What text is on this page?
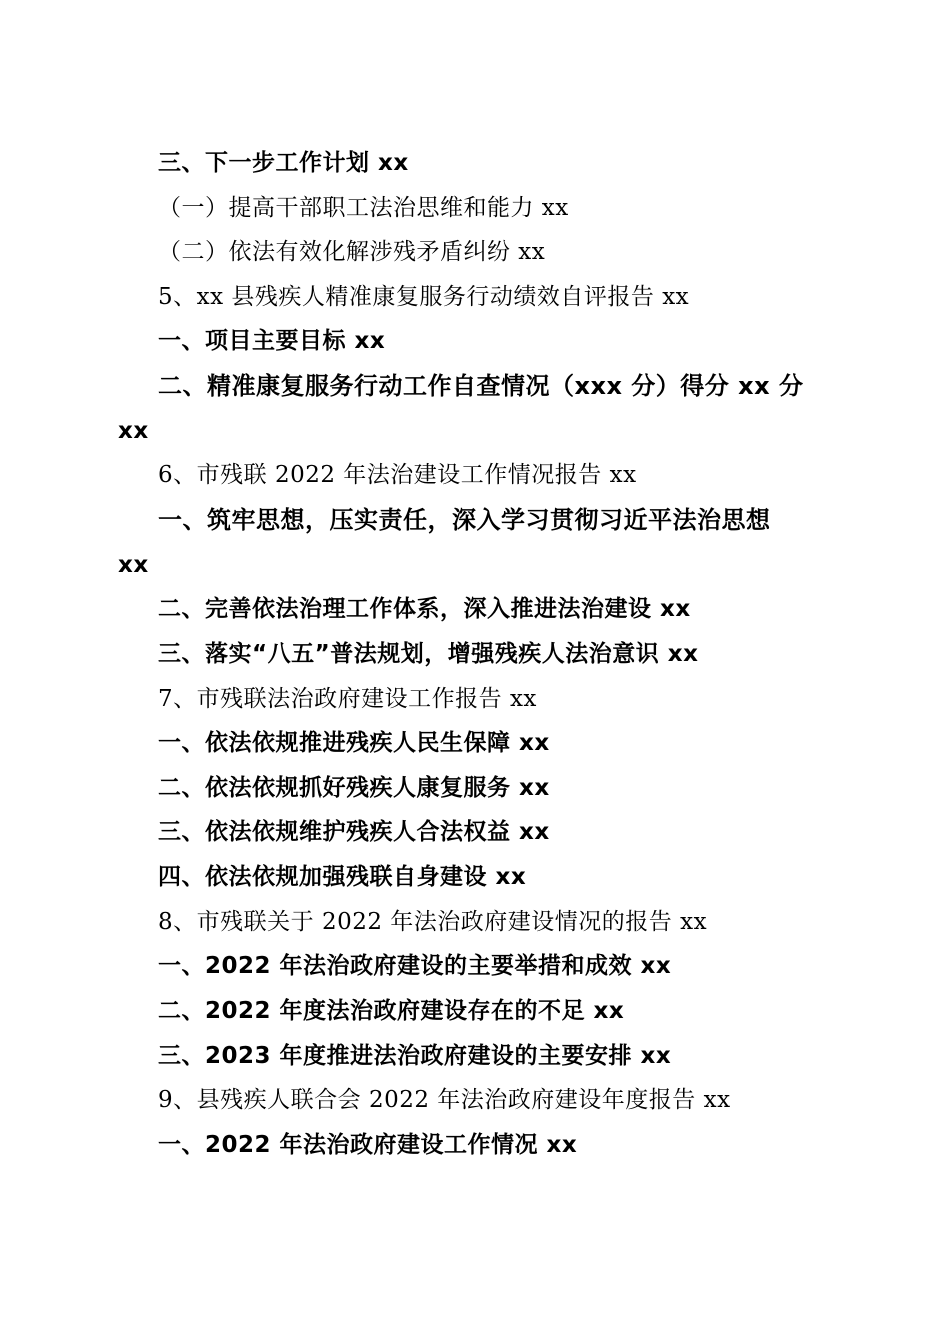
三、下一步工作计划 xx
（一）提高干部职工法治思维和能力 xx
（二）依法有效化解涉残矛盾纠纷 xx
5、xx 县残疾人精准康复服务行动绩效自评报告 xx
一、项目主要目标 xx
二、精准康复服务行动工作自查情况（xxx 分）得分 xx 分
xx
6、市残联 2022 年法治建设工作情况报告 xx
一、筑牢思想，压实责任，深入学习贯彻习近平法治思想
xx
二、完善依法治理工作体系，深入推进法治建设 xx
三、落实“八五”普法规划，增强残疾人法治意识 xx
7、市残联法治政府建设工作报告 xx
一、依法依规推进残疾人民生保障 xx
二、依法依规抓好残疾人康复服务 xx
三、依法依规维护残疾人合法权益 xx
四、依法依规加强残联自身建设 xx
8、市残联关于 2022 年法治政府建设情况的报告 xx
一、2022 年法治政府建设的主要举措和成效 xx
二、2022 年度法治政府建设存在的不足 xx
三、2023 年度推进法治政府建设的主要安排 xx
9、县残疾人联合会 2022 年法治政府建设年度报告 xx
一、2022 年法治政府建设工作情况 xx
